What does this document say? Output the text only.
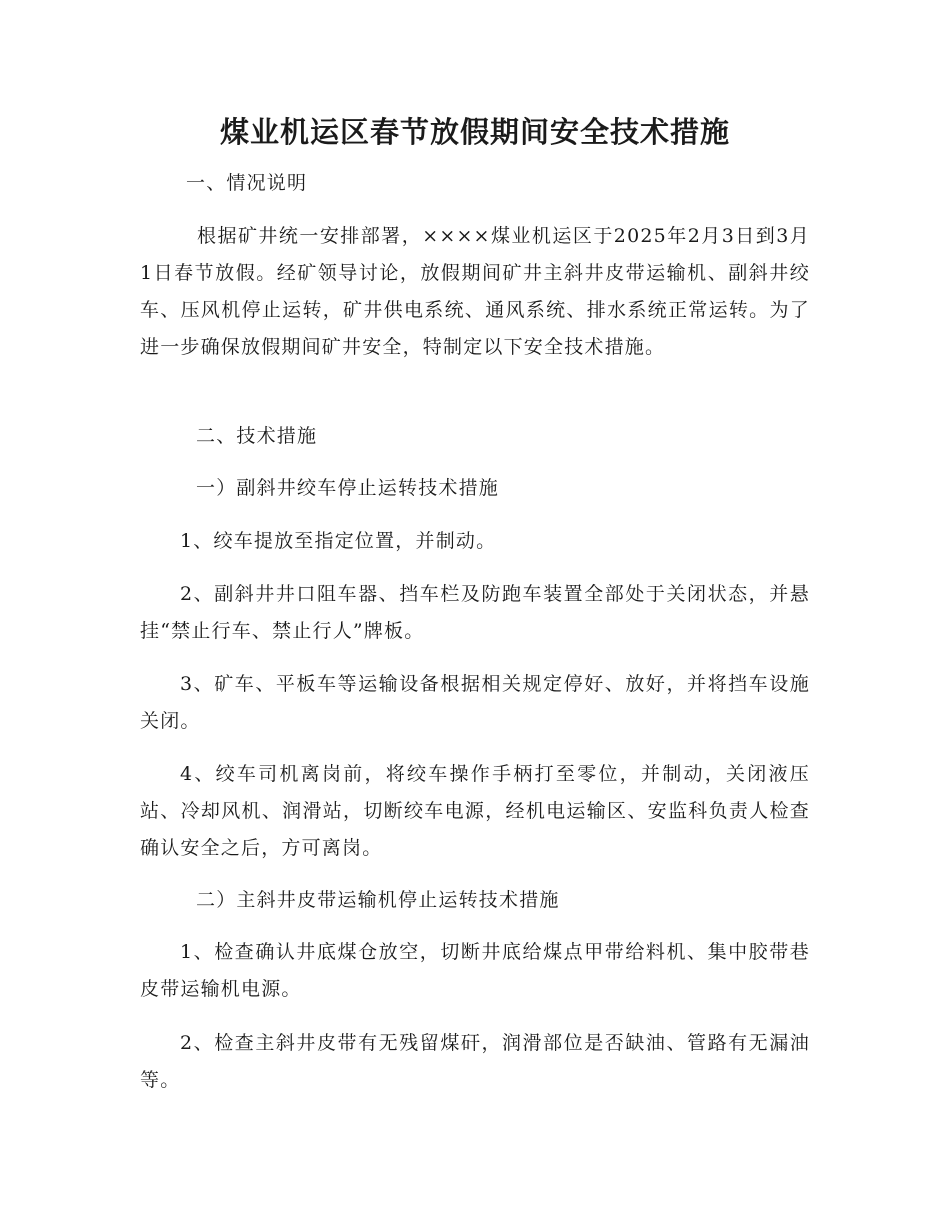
煤业机运区春节放假期间安全技术措施

一、情况说明

根据矿井统一安排部署，××××煤业机运区于2025年2月3日到3月1日春节放假。经矿领导讨论，放假期间矿井主斜井皮带运输机、副斜井绞车、压风机停止运转，矿井供电系统、通风系统、排水系统正常运转。为了进一步确保放假期间矿井安全，特制定以下安全技术措施。

二、技术措施

一）副斜井绞车停止运转技术措施

1、绞车提放至指定位置，并制动。

2、副斜井井口阻车器、挡车栏及防跑车装置全部处于关闭状态，并悬挂“禁止行车、禁止行人”牌板。

3、矿车、平板车等运输设备根据相关规定停好、放好，并将挡车设施关闭。

4、绞车司机离岗前，将绞车操作手柄打至零位，并制动，关闭液压站、冷却风机、润滑站，切断绞车电源，经机电运输区、安监科负责人检查确认安全之后，方可离岗。

二）主斜井皮带运输机停止运转技术措施

1、检查确认井底煤仓放空，切断井底给煤点甲带给料机、集中胶带巷皮带运输机电源。

2、检查主斜井皮带有无残留煤矸，润滑部位是否缺油、管路有无漏油等。
